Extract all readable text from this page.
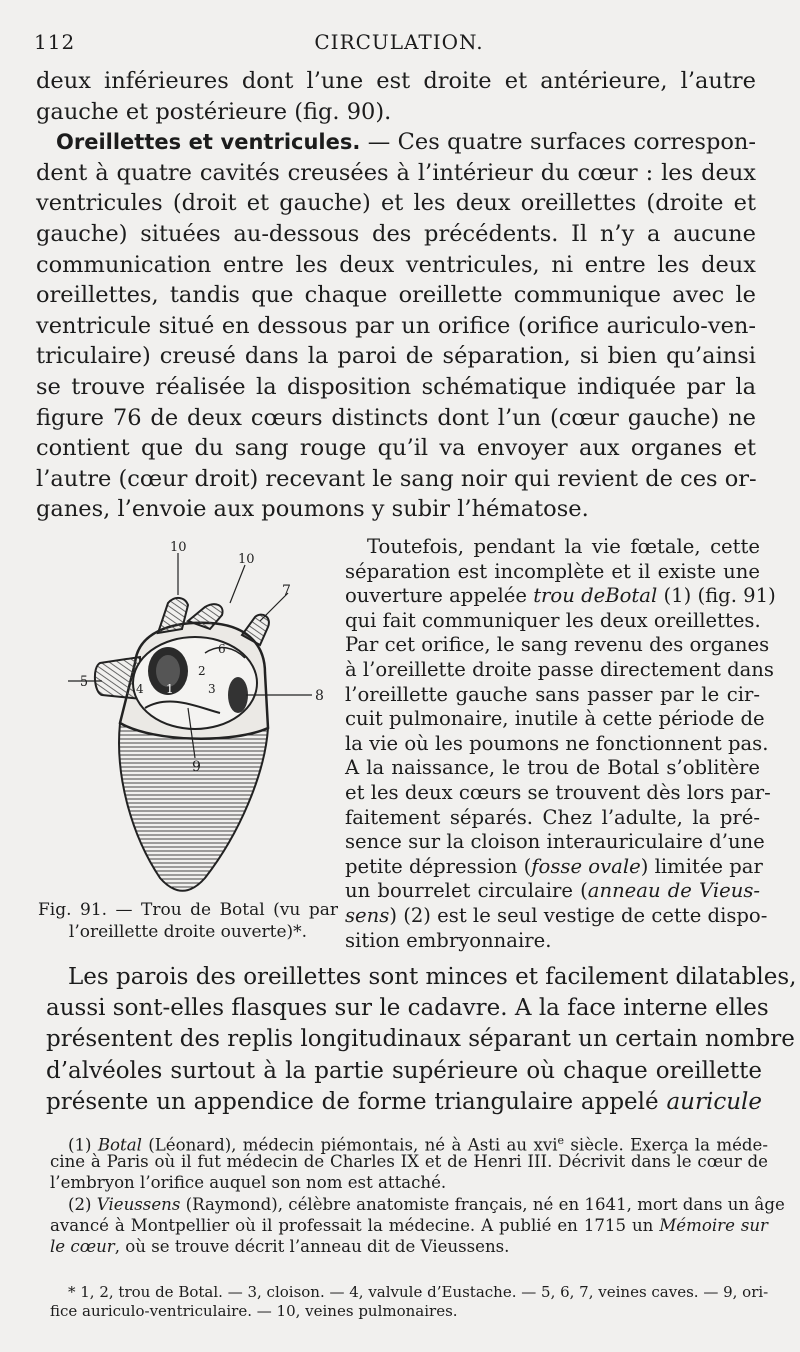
112	CIRCULATION.
deux inférieures dont l’une est droite et antérieure, l’autre
gauche et postérieure (fig. 90).
Oreillettes et ventricules. — Ces quatre surfaces correspon-
dent à quatre cavités creusées à l’intérieur du cœur : les deux
ventricules (droit et gauche) et les deux oreillettes (droite et
gauche) situées au-dessous des précédents. Il n’y a aucune
communication entre les deux ventricules, ni entre les deux
oreillettes, tandis que chaque oreillette communique avec le
ventricule situé en dessous par un orifice (orifice auriculo-ven-
triculaire) creusé dans la paroi de séparation, si bien qu’ainsi
se trouve réalisée la disposition schématique indiquée par la
figure 76 de deux cœurs distincts dont l’un (cœur gauche) ne
contient que du sang rouge qu’il va envoyer aux organes et
l’autre (cœur droit) recevant le sang noir qui revient de ces or-
ganes, l’envoie aux poumons y subir l’hématose.
10
10
7
5
6
2
3
4 1	8
9
Fig. 91. — Trou de Botal (vu par
l’oreillette droite ouverte)*.
Toutefois, pendant la vie fœtale, cette
séparation est incomplète et il existe une
ouverture appelée trou deBotal (1) (fig. 91)
qui fait communiquer les deux oreillettes.
Par cet orifice, le sang revenu des organes
à l’oreillette droite passe directement dans
l’oreillette gauche sans passer par le cir-
cuit pulmonaire, inutile à cette période de
la vie où les poumons ne fonctionnent pas.
A la naissance, le trou de Botal s’oblitère
et les deux cœurs se trouvent dès lors par-
faitement séparés. Chez l’adulte, la pré-
sence sur la cloison interauriculaire d’une
petite dépression (fosse ovale) limitée par
un bourrelet circulaire (anneau de Vieus-
sens) (2) est le seul vestige de cette dispo-
sition embryonnaire.
Les parois des oreillettes sont minces et facilement dilatables,
aussi sont-elles flasques sur le cadavre. A la face interne elles
présentent des replis longitudinaux séparant un certain nombre
d’alvéoles surtout à la partie supérieure où chaque oreillette
présente un appendice de forme triangulaire appelé auricule
(1) Botal (Léonard), médecin piémontais, né à Asti au xvi$^e$ siècle. Exerça la méde-
cine à Paris où il fut médecin de Charles IX et de Henri III. Décrivit dans le cœur de
l’embryon l’orifice auquel son nom est attaché.
(2) Vieussens (Raymond), célèbre anatomiste français, né en 1641, mort dans un âge
avancé à Montpellier où il professait la médecine. A publié en 1715 un Mémoire sur
le cœur, où se trouve décrit l’anneau dit de Vieussens.
* 1, 2, trou de Botal. — 3, cloison. — 4, valvule d’Eustache. — 5, 6, 7, veines caves. — 9, ori-
fice auriculo-ventriculaire. — 10, veines pulmonaires.
